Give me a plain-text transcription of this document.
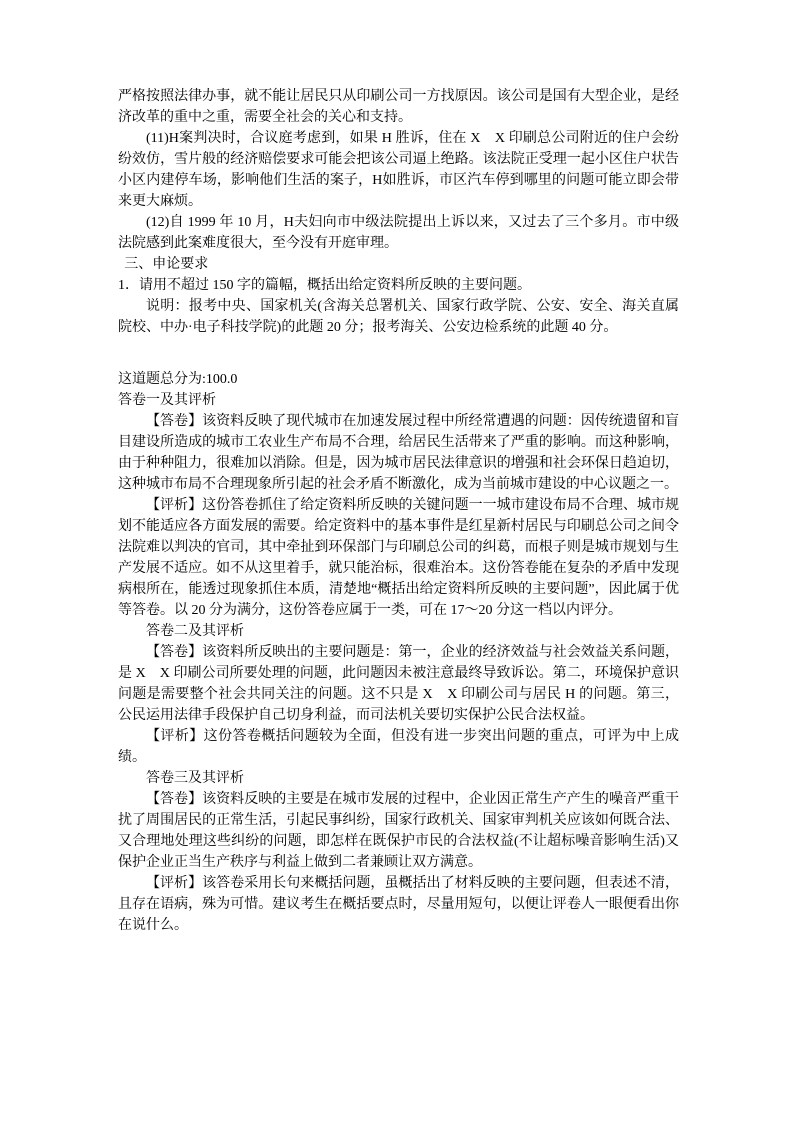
严格按照法律办事，就不能让居民只从印刷公司一方找原因。该公司是国有大型企业，是经济改革的重中之重，需要全社会的关心和支持。

(11)H案判决时，合议庭考虑到，如果 H 胜诉，住在 X　X 印刷总公司附近的住户会纷纷效仿，雪片般的经济赔偿要求可能会把该公司逼上绝路。该法院正受理一起小区住户状告小区内建停车场，影响他们生活的案子，H如胜诉，市区汽车停到哪里的问题可能立即会带来更大麻烦。

(12)自 1999 年 10 月，H夫妇向市中级法院提出上诉以来，又过去了三个多月。市中级法院感到此案难度很大，至今没有开庭审理。

三、申论要求

1．请用不超过 150 字的篇幅，概括出给定资料所反映的主要问题。

说明：报考中央、国家机关(含海关总署机关、国家行政学院、公安、安全、海关直属院校、中办·电子科技学院)的此题 20 分；报考海关、公安边检系统的此题 40 分。

这道题总分为:100.0

答卷一及其评析

【答卷】该资料反映了现代城市在加速发展过程中所经常遭遇的问题：因传统遗留和盲目建设所造成的城市工农业生产布局不合理，给居民生活带来了严重的影响。而这种影响，由于种种阻力，很难加以消除。但是，因为城市居民法律意识的增强和社会环保日趋迫切，这种城市布局不合理现象所引起的社会矛盾不断激化，成为当前城市建设的中心议题之一。

【评析】这份答卷抓住了给定资料所反映的关键问题一一城市建设布局不合理、城市规划不能适应各方面发展的需要。给定资料中的基本事件是红星新村居民与印刷总公司之间令法院难以判决的官司，其中牵扯到环保部门与印刷总公司的纠葛，而根子则是城市规划与生产发展不适应。如不从这里着手，就只能治标，很难治本。这份答卷能在复杂的矛盾中发现病根所在，能透过现象抓住本质，清楚地“概括出给定资料所反映的主要问题”，因此属于优等答卷。以 20 分为满分，这份答卷应属于一类，可在 17～20 分这一档以内评分。

答卷二及其评析

【答卷】该资料所反映出的主要问题是：第一，企业的经济效益与社会效益关系问题，是 X　X 印刷公司所要处理的问题，此问题因未被注意最终导致诉讼。第二，环境保护意识问题是需要整个社会共同关注的问题。这不只是 X　X 印刷公司与居民 H 的问题。第三，公民运用法律手段保护自己切身利益，而司法机关要切实保护公民合法权益。

【评析】这份答卷概括问题较为全面，但没有进一步突出问题的重点，可评为中上成绩。

答卷三及其评析

【答卷】该资料反映的主要是在城市发展的过程中，企业因正常生产产生的噪音严重干扰了周围居民的正常生活，引起民事纠纷，国家行政机关、国家审判机关应该如何既合法、又合理地处理这些纠纷的问题，即怎样在既保护市民的合法权益(不让超标噪音影响生活)又保护企业正当生产秩序与利益上做到二者兼顾让双方满意。

【评析】该答卷采用长句来概括问题，虽概括出了材料反映的主要问题，但表述不清，且存在语病，殊为可惜。建议考生在概括要点时，尽量用短句，以便让评卷人一眼便看出你在说什么。
